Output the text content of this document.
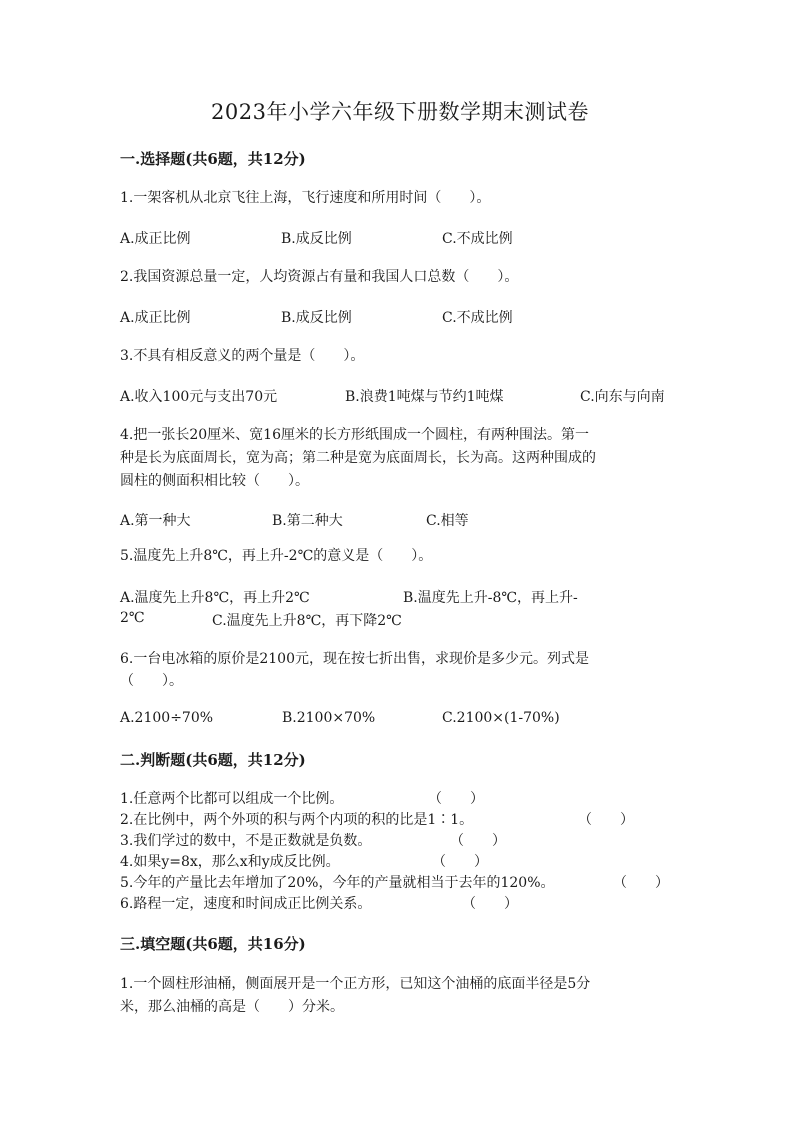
2023年小学六年级下册数学期末测试卷
一.选择题(共6题，共12分)
1.一架客机从北京飞往上海，飞行速度和所用时间（　　）。
A.成正比例	B.成反比例	C.不成比例
2.我国资源总量一定，人均资源占有量和我国人口总数（　　）。
A.成正比例	B.成反比例	C.不成比例
3.不具有相反意义的两个量是（　　）。
A.收入100元与支出70元	B.浪费1吨煤与节约1吨煤	C.向东与向南
4.把一张长20厘米、宽16厘米的长方形纸围成一个圆柱，有两种围法。第一
种是长为底面周长，宽为高；第二种是宽为底面周长，长为高。这两种围成的
圆柱的侧面积相比较（　　）。
A.第一种大	B.第二种大	C.相等
5.温度先上升8℃，再上升-2℃的意义是（　　）。
A.温度先上升8℃，再上升2℃	B.温度先上升-8℃，再上升-
2℃	C.温度先上升8℃，再下降2℃
6.一台电冰箱的原价是2100元，现在按七折出售，求现价是多少元。列式是
（　　）。
A.2100÷70%	B.2100×70%	C.2100×(1-70%)
二.判断题(共6题，共12分)
1.任意两个比都可以组成一个比例。	（　　）
2.在比例中，两个外项的积与两个内项的积的比是1∶1。	（　　）
3.我们学过的数中，不是正数就是负数。	（　　）
4.如果y=8x，那么x和y成反比例。	（　　）
5.今年的产量比去年增加了20%，今年的产量就相当于去年的120%。	（　　）
6.路程一定，速度和时间成正比例关系。	（　　）
三.填空题(共6题，共16分)
1.一个圆柱形油桶，侧面展开是一个正方形，已知这个油桶的底面半径是5分
米，那么油桶的高是（　　）分米。
